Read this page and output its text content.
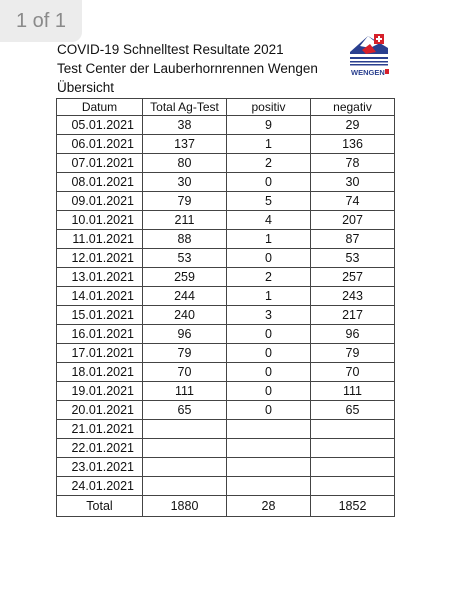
1 of 1
COVID-19 Schnelltest Resultate 2021
Test Center der Lauberhornrennen Wengen
Übersicht
WENGEN
Datum	Total Ag-Test	positiv	negativ
05.01.2021	38	9	29
06.01.2021	137	1	136
07.01.2021	80	2	78
08.01.2021	30	0	30
09.01.2021	79	5	74
10.01.2021	211	4	207
11.01.2021	88	1	87
12.01.2021	53	0	53
13.01.2021	259	2	257
14.01.2021	244	1	243
15.01.2021	240	3	217
16.01.2021	96	0	96
17.01.2021	79	0	79
18.01.2021	70	0	70
19.01.2021	111	0	111
20.01.2021	65	0	65
21.01.2021			
22.01.2021			
23.01.2021			
24.01.2021			
Total	1880	28	1852
